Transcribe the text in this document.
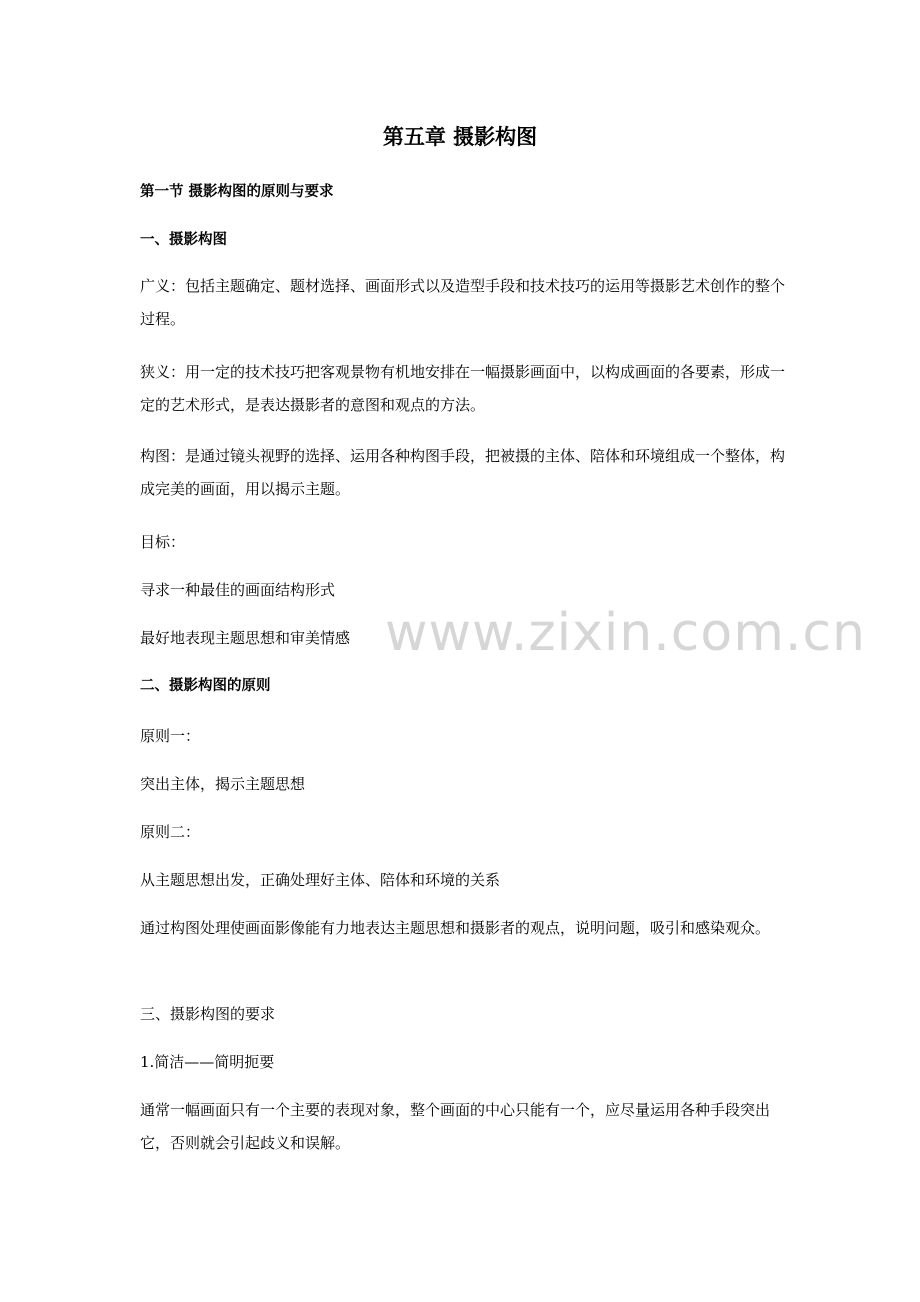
第五章 摄影构图

第一节 摄影构图的原则与要求

一、摄影构图

广义：包括主题确定、题材选择、画面形式以及造型手段和技术技巧的运用等摄影艺术创作的整个过程。

狭义：用一定的技术技巧把客观景物有机地安排在一幅摄影画面中，以构成画面的各要素，形成一定的艺术形式，是表达摄影者的意图和观点的方法。

构图：是通过镜头视野的选择、运用各种构图手段，把被摄的主体、陪体和环境组成一个整体，构成完美的画面，用以揭示主题。

目标：

寻求一种最佳的画面结构形式

最好地表现主题思想和审美情感

二、摄影构图的原则

原则一：

突出主体，揭示主题思想

原则二：

从主题思想出发，正确处理好主体、陪体和环境的关系

通过构图处理使画面影像能有力地表达主题思想和摄影者的观点，说明问题，吸引和感染观众。

三、摄影构图的要求

1.简洁——简明扼要

通常一幅画面只有一个主要的表现对象，整个画面的中心只能有一个，应尽量运用各种手段突出它，否则就会引起歧义和误解。

www.zixin.com.cn
